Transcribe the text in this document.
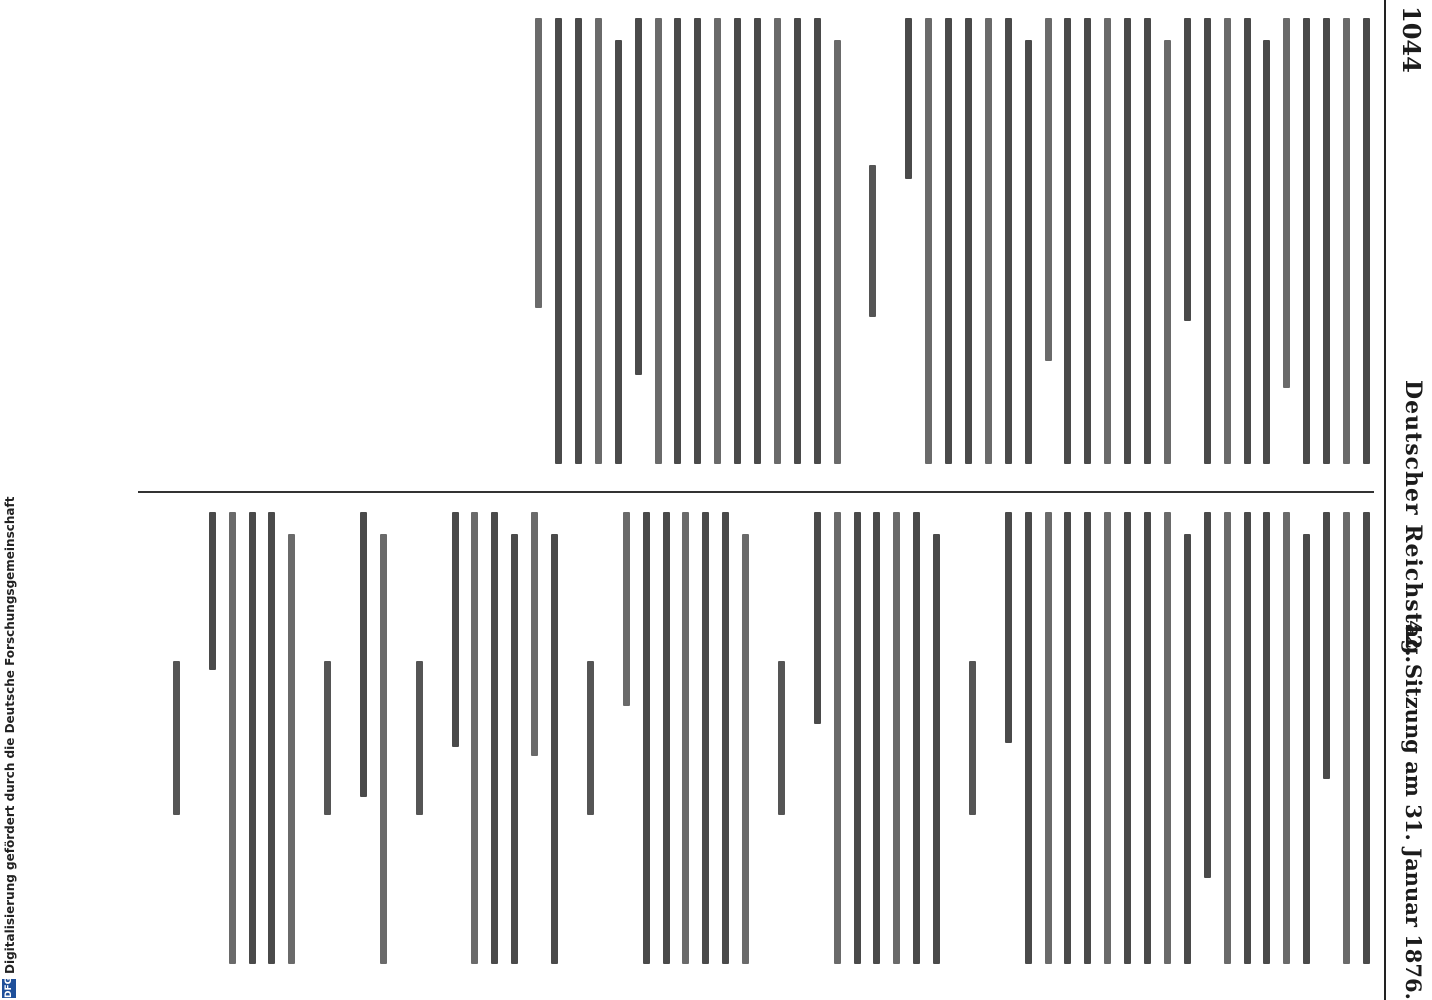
1044
Deutscher Reichstag.
42. Sitzung am 31. Januar 1876.
DFG
Digitalisierung gefördert durch die Deutsche Forschungsgemeinschaft
